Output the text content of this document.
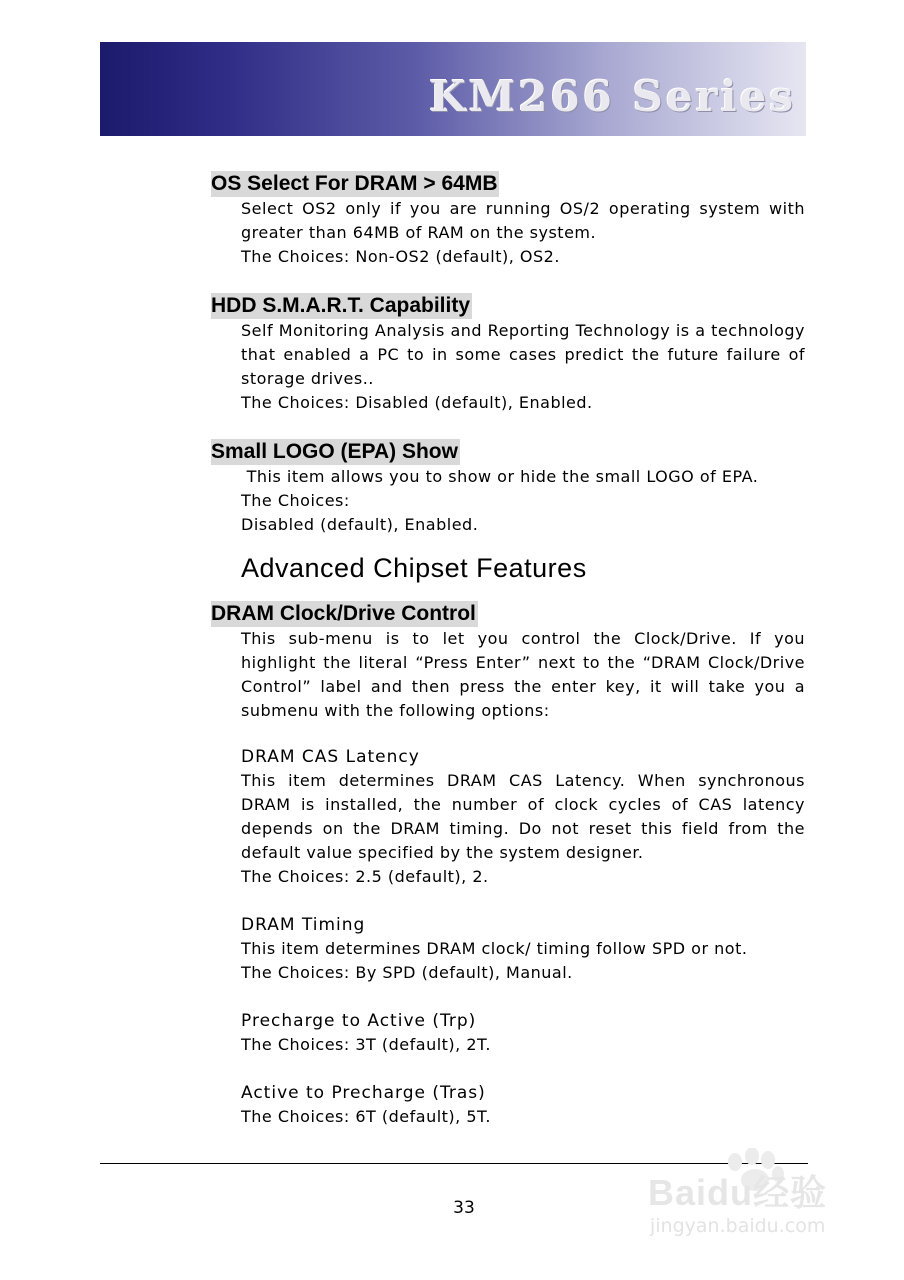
KM266 Series
OS Select For DRAM > 64MB

Select OS2 only if you are running OS/2 operating system with greater than 64MB of RAM on the system.

The Choices: Non-OS2 (default), OS2.

HDD S.M.A.R.T. Capability

Self Monitoring Analysis and Reporting Technology is a technology that enabled a PC to in some cases predict the future failure of storage drives..

The Choices: Disabled (default), Enabled.

Small LOGO (EPA) Show

This item allows you to show or hide the small LOGO of EPA.

The Choices:

Disabled (default), Enabled.

Advanced Chipset Features
DRAM Clock/Drive Control

This sub-menu is to let you control the Clock/Drive. If you highlight the literal “Press Enter” next to the “DRAM Clock/Drive Control” label and then press the enter key, it will take you a submenu with the following options:

DRAM CAS Latency

This item determines DRAM CAS Latency. When synchronous DRAM is installed, the number of clock cycles of CAS latency depends on the DRAM timing. Do not reset this field from the default value specified by the system designer.

The Choices: 2.5 (default), 2.

DRAM Timing

This item determines DRAM clock/ timing follow SPD or not.

The Choices: By SPD (default), Manual.

Precharge to Active (Trp)

The Choices: 3T (default), 2T.

Active to Precharge (Tras)

The Choices: 6T (default), 5T.

33	Baidu经验
jingyan.baidu.com
